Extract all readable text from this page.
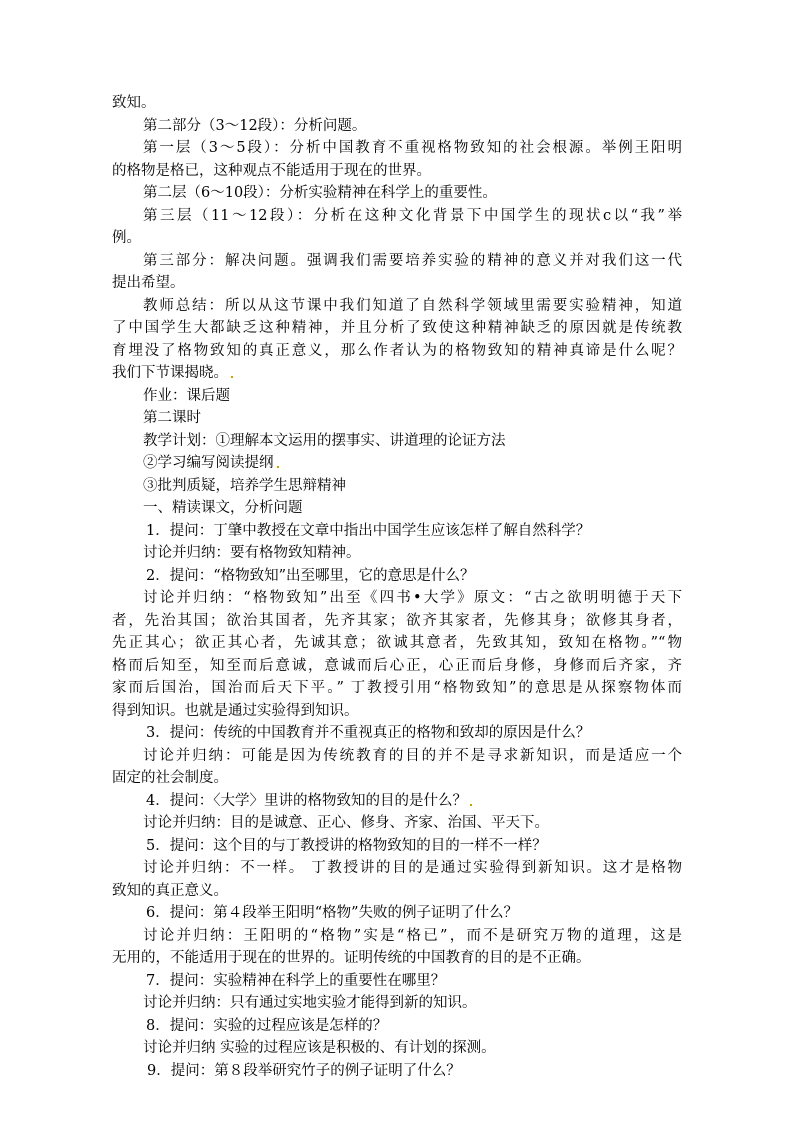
致知。

第二部分（3～12段）：分析问题。

第一层（3～5段）：分析中国教育不重视格物致知的社会根源。举例王阳明

的格物是格已，这种观点不能适用于现在的世界。

第二层（6～10段）：分析实验精神在科学上的重要性。

第三层（11～12段）：分析在这种文化背景下中国学生的现状c以“我”举

例。

第三部分：解决问题。强调我们需要培养实验的精神的意义并对我们这一代

提出希望。

教师总结：所以从这节课中我们知道了自然科学领域里需要实验精神，知道

了中国学生大都缺乏这种精神，并且分析了致使这种精神缺乏的原因就是传统教

育埋没了格物致知的真正意义，那么作者认为的格物致知的精神真谛是什么呢？

我们下节课揭晓。

作业：课后题

第二课时

教学计划：①理解本文运用的摆事实、讲道理的论证方法

②学习编写阅读提纲

③批判质疑，培养学生思辩精神

一、精读课文，分析问题

1．提问：丁肇中教授在文章中指出中国学生应该怎样了解自然科学？

讨论并归纳：要有格物致知精神。

2．提问：“格物致知”出至哪里，它的意思是什么？

讨论并归纳：“格物致知”出至《四书•大学》原文：“古之欲明明德于天下

者，先治其国；欲治其国者，先齐其家；欲齐其家者，先修其身；欲修其身者，

先正其心；欲正其心者，先诚其意；欲诚其意者，先致其知，致知在格物。”“物

格而后知至，知至而后意诚，意诚而后心正，心正而后身修，身修而后齐家，齐

家而后国治，国治而后天下平。” 丁教授引用“格物致知”的意思是从探察物体而

得到知识。也就是通过实验得到知识。

3．提问：传统的中国教育并不重视真正的格物和致却的原因是什么？

讨论并归纳：可能是因为传统教育的目的并不是寻求新知识，而是适应一个

固定的社会制度。

4．提问：〈大学〉里讲的格物致知的目的是什么？

讨论并归纳：目的是诚意、正心、修身、齐家、治国、平天下。

5．提问：这个目的与丁教授讲的格物致知的目的一样不一样？

讨论并归纳：不一样。 丁教授讲的目的是通过实验得到新知识。这才是格物

致知的真正意义。

6．提问：第４段举王阳明“格物”失败的例子证明了什么？

讨论并归纳：王阳明的“格物”实是“格已”，而不是研究万物的道理，这是

无用的，不能适用于现在的世界的。证明传统的中国教育的目的是不正确。

7．提问：实验精神在科学上的重要性在哪里？

讨论并归纳：只有通过实地实验才能得到新的知识。

8．提问：实验的过程应该是怎样的？

讨论并归纳 实验的过程应该是积极的、有计划的探测。

9．提问：第８段举研究竹子的例子证明了什么？
